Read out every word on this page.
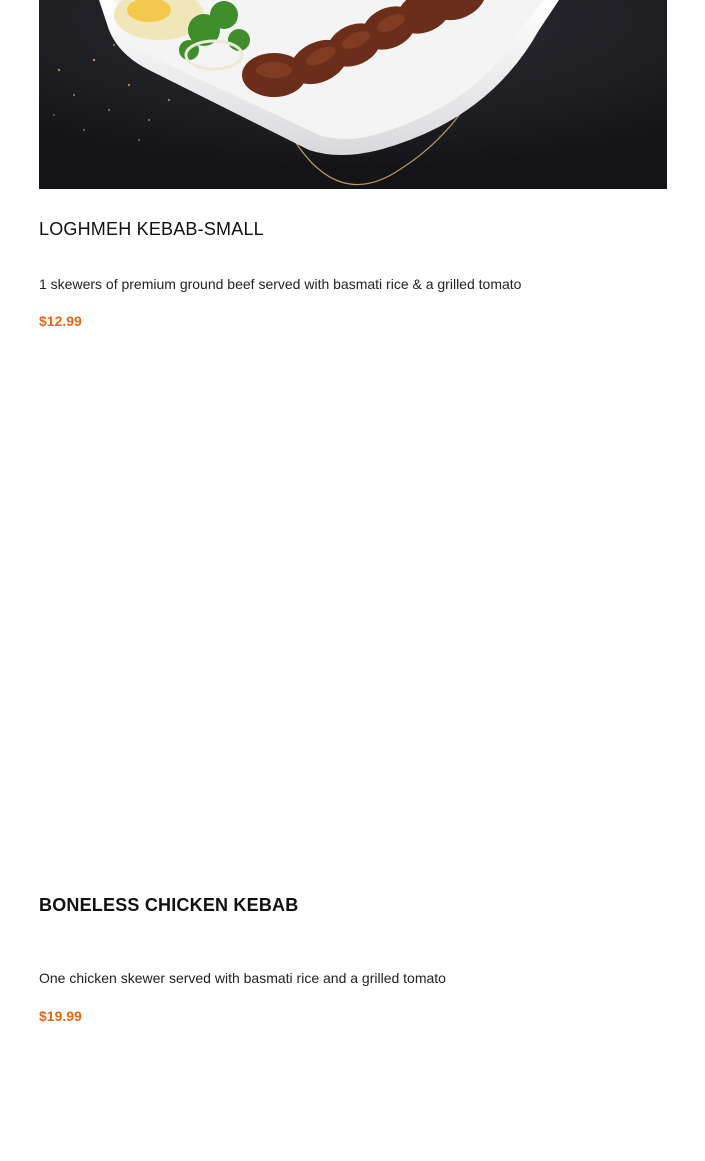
LOGHMEH KEBAB-SMALL

1 skewers of premium ground beef served with basmati rice & a grilled tomato

$12.99

BONELESS CHICKEN KEBAB

One chicken skewer served with basmati rice and a grilled tomato

$19.99
